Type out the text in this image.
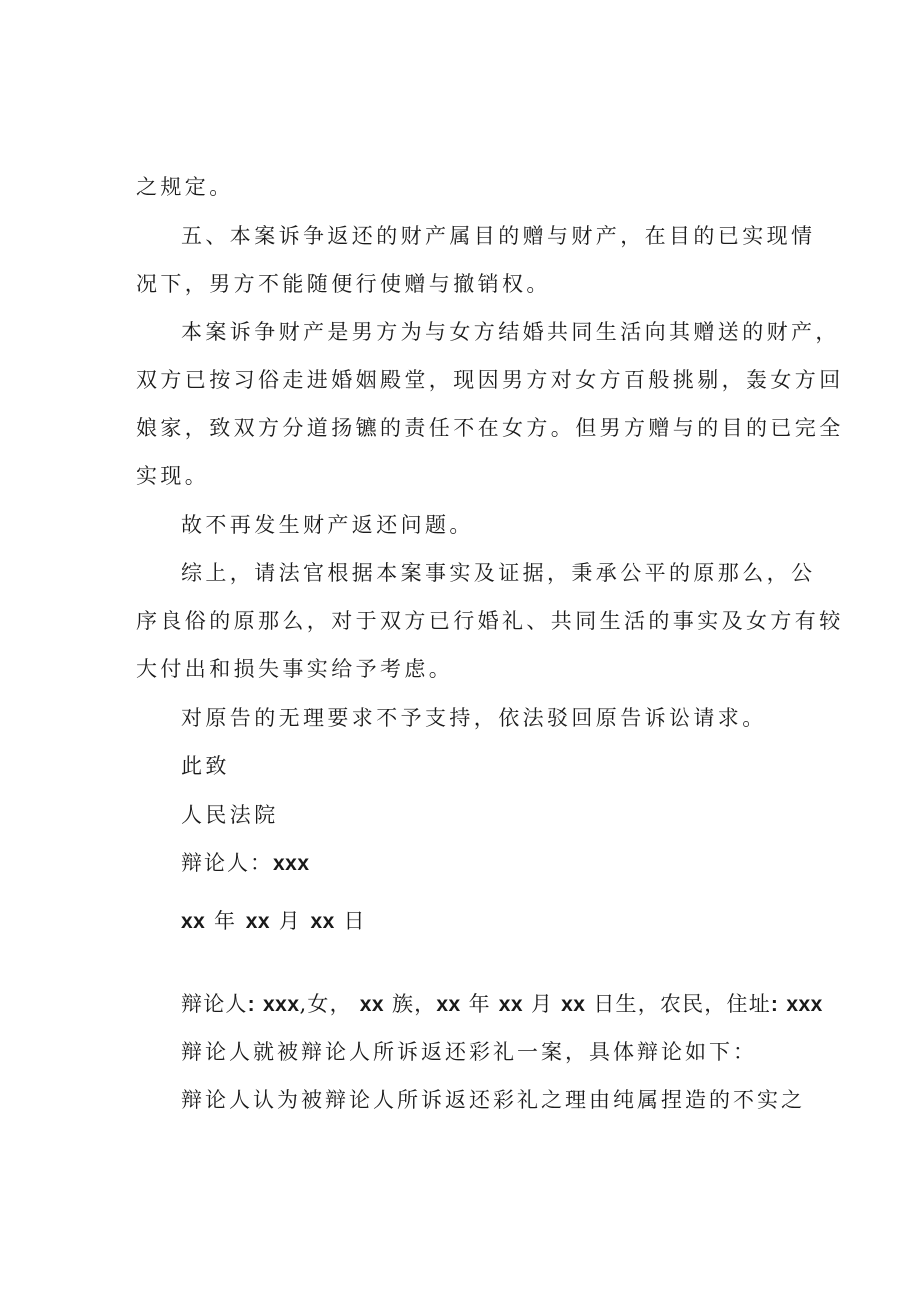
之规定。
五、本案诉争返还的财产属目的赠与财产，在目的已实现情
况下，男方不能随便行使赠与撤销权。
本案诉争财产是男方为与女方结婚共同生活向其赠送的财产，
双方已按习俗走进婚姻殿堂，现因男方对女方百般挑剔，轰女方回
娘家，致双方分道扬镳的责任不在女方。但男方赠与的目的已完全
实现。
故不再发生财产返还问题。
综上，请法官根据本案事实及证据，秉承公平的原那么，公
序良俗的原那么，对于双方已行婚礼、共同生活的事实及女方有较
大付出和损失事实给予考虑。
对原告的无理要求不予支持，依法驳回原告诉讼请求。
此致
人民法院
辩论人：xxx
xx 年 xx 月 xx 日
辩论人: xxx,女， xx 族，xx 年 xx 月 xx 日生，农民，住址: xxx
辩论人就被辩论人所诉返还彩礼一案，具体辩论如下：
辩论人认为被辩论人所诉返还彩礼之理由纯属捏造的不实之
